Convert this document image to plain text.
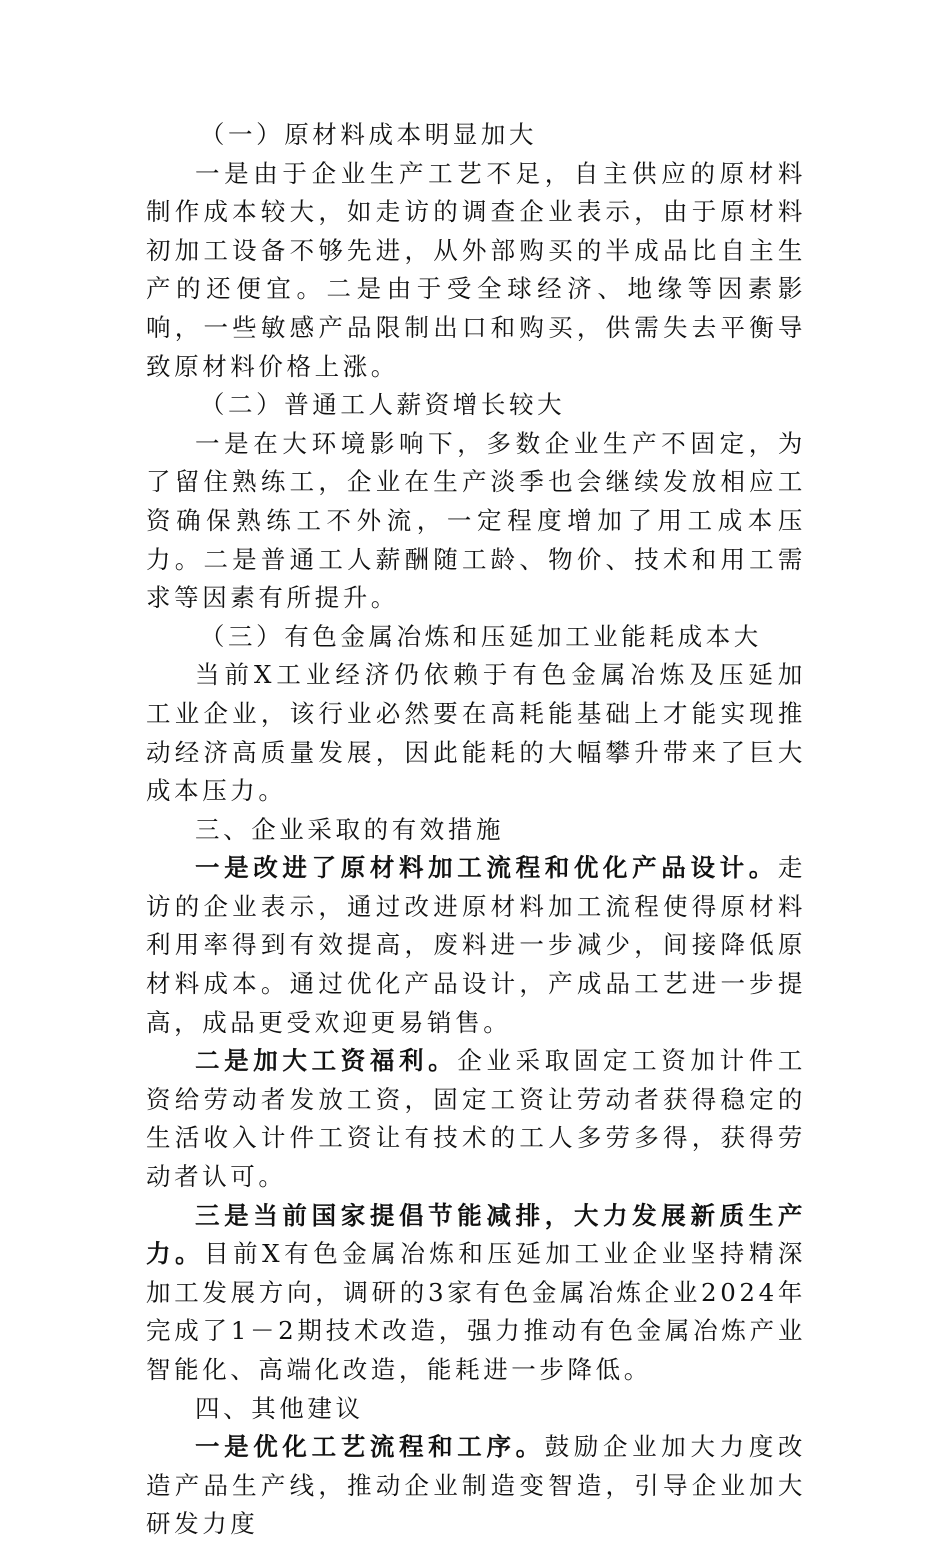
（一）原材料成本明显加大

一是由于企业生产工艺不足，自主供应的原材料制作成本较大，如走访的调查企业表示，由于原材料初加工设备不够先进，从外部购买的半成品比自主生产的还便宜。二是由于受全球经济、地缘等因素影响，一些敏感产品限制出口和购买，供需失去平衡导致原材料价格上涨。

（二）普通工人薪资增长较大

一是在大环境影响下，多数企业生产不固定，为了留住熟练工，企业在生产淡季也会继续发放相应工资确保熟练工不外流，一定程度增加了用工成本压力。二是普通工人薪酬随工龄、物价、技术和用工需求等因素有所提升。

（三）有色金属冶炼和压延加工业能耗成本大

当前X工业经济仍依赖于有色金属冶炼及压延加工业企业，该行业必然要在高耗能基础上才能实现推动经济高质量发展，因此能耗的大幅攀升带来了巨大成本压力。

三、企业采取的有效措施

一是改进了原材料加工流程和优化产品设计。走访的企业表示，通过改进原材料加工流程使得原材料利用率得到有效提高，废料进一步减少，间接降低原材料成本。通过优化产品设计，产成品工艺进一步提高，成品更受欢迎更易销售。

二是加大工资福利。企业采取固定工资加计件工资给劳动者发放工资，固定工资让劳动者获得稳定的生活收入计件工资让有技术的工人多劳多得，获得劳动者认可。

三是当前国家提倡节能减排，大力发展新质生产力。目前X有色金属冶炼和压延加工业企业坚持精深加工发展方向，调研的3家有色金属冶炼企业2024年完成了1－2期技术改造，强力推动有色金属冶炼产业智能化、高端化改造，能耗进一步降低。

四、其他建议

一是优化工艺流程和工序。鼓励企业加大力度改造产品生产线，推动企业制造变智造，引导企业加大研发力度
